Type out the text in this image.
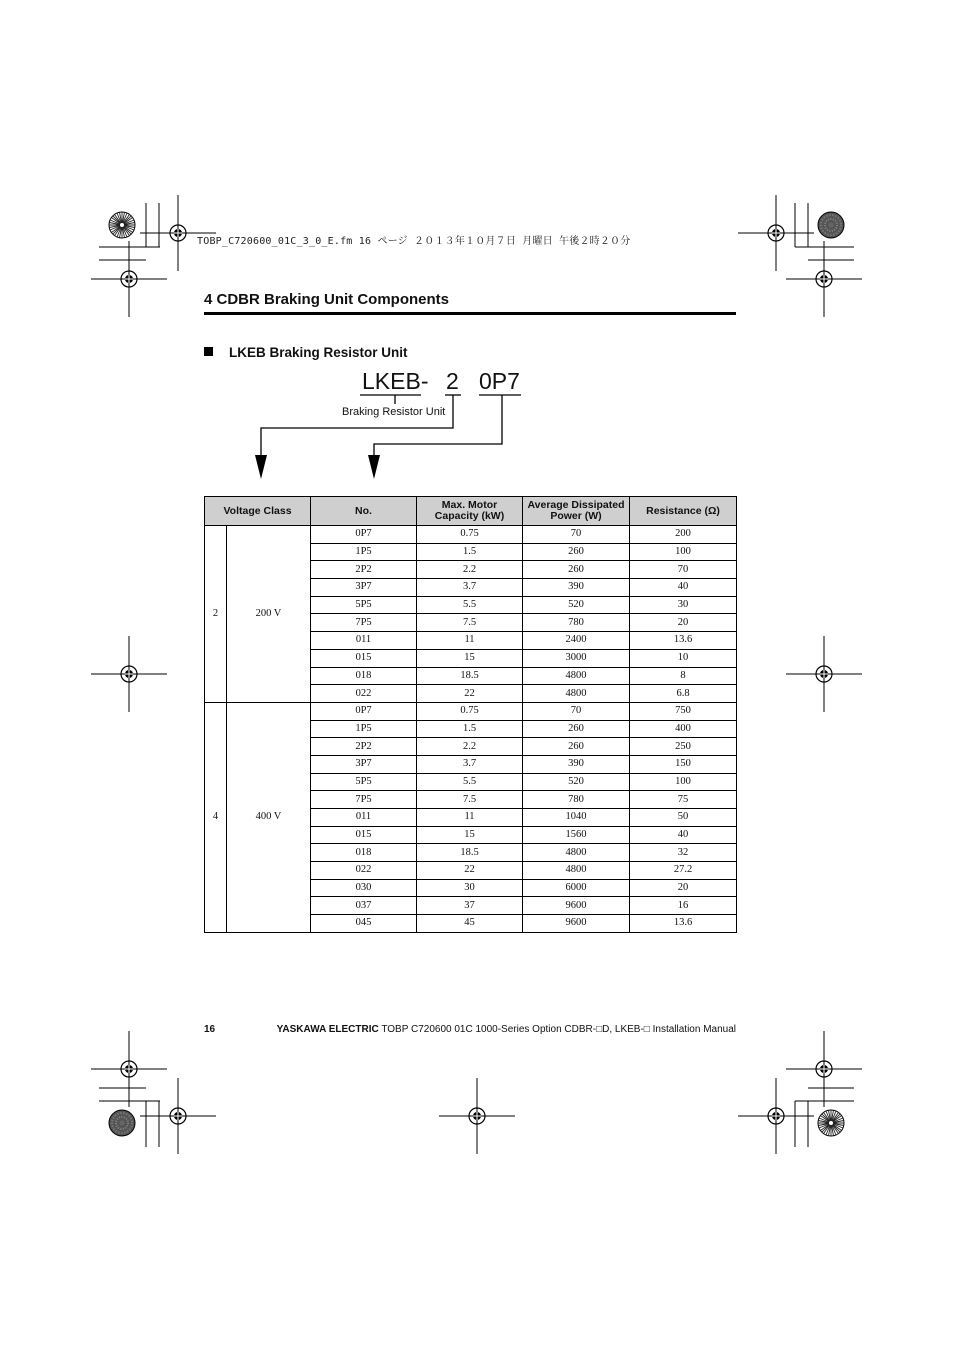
TOBP_C720600_01C_3_0_E.fm 16 ページ ２０１３年１０月７日 月曜日 午後２時２０分
4 CDBR Braking Unit Components
LKEB Braking Resistor Unit
LKEB- 2 0P7
Braking Resistor Unit
Voltage Class		No.	Max. Motor Capacity (kW)	Average Dissipated Power (W)	Resistance (Ω)
2	200 V	0P7	0.75	70	200
		1P5	1.5	260	100
		2P2	2.2	260	70
		3P7	3.7	390	40
		5P5	5.5	520	30
		7P5	7.5	780	20
		011	11	2400	13.6
		015	15	3000	10
		018	18.5	4800	8
		022	22	4800	6.8
4	400 V	0P7	0.75	70	750
		1P5	1.5	260	400
		2P2	2.2	260	250
		3P7	3.7	390	150
		5P5	5.5	520	100
		7P5	7.5	780	75
		011	11	1040	50
		015	15	1560	40
		018	18.5	4800	32
		022	22	4800	27.2
		030	30	6000	20
		037	37	9600	16
		045	45	9600	13.6
16	YASKAWA ELECTRIC TOBP C720600 01C 1000-Series Option CDBR-□D, LKEB-□ Installation Manual
